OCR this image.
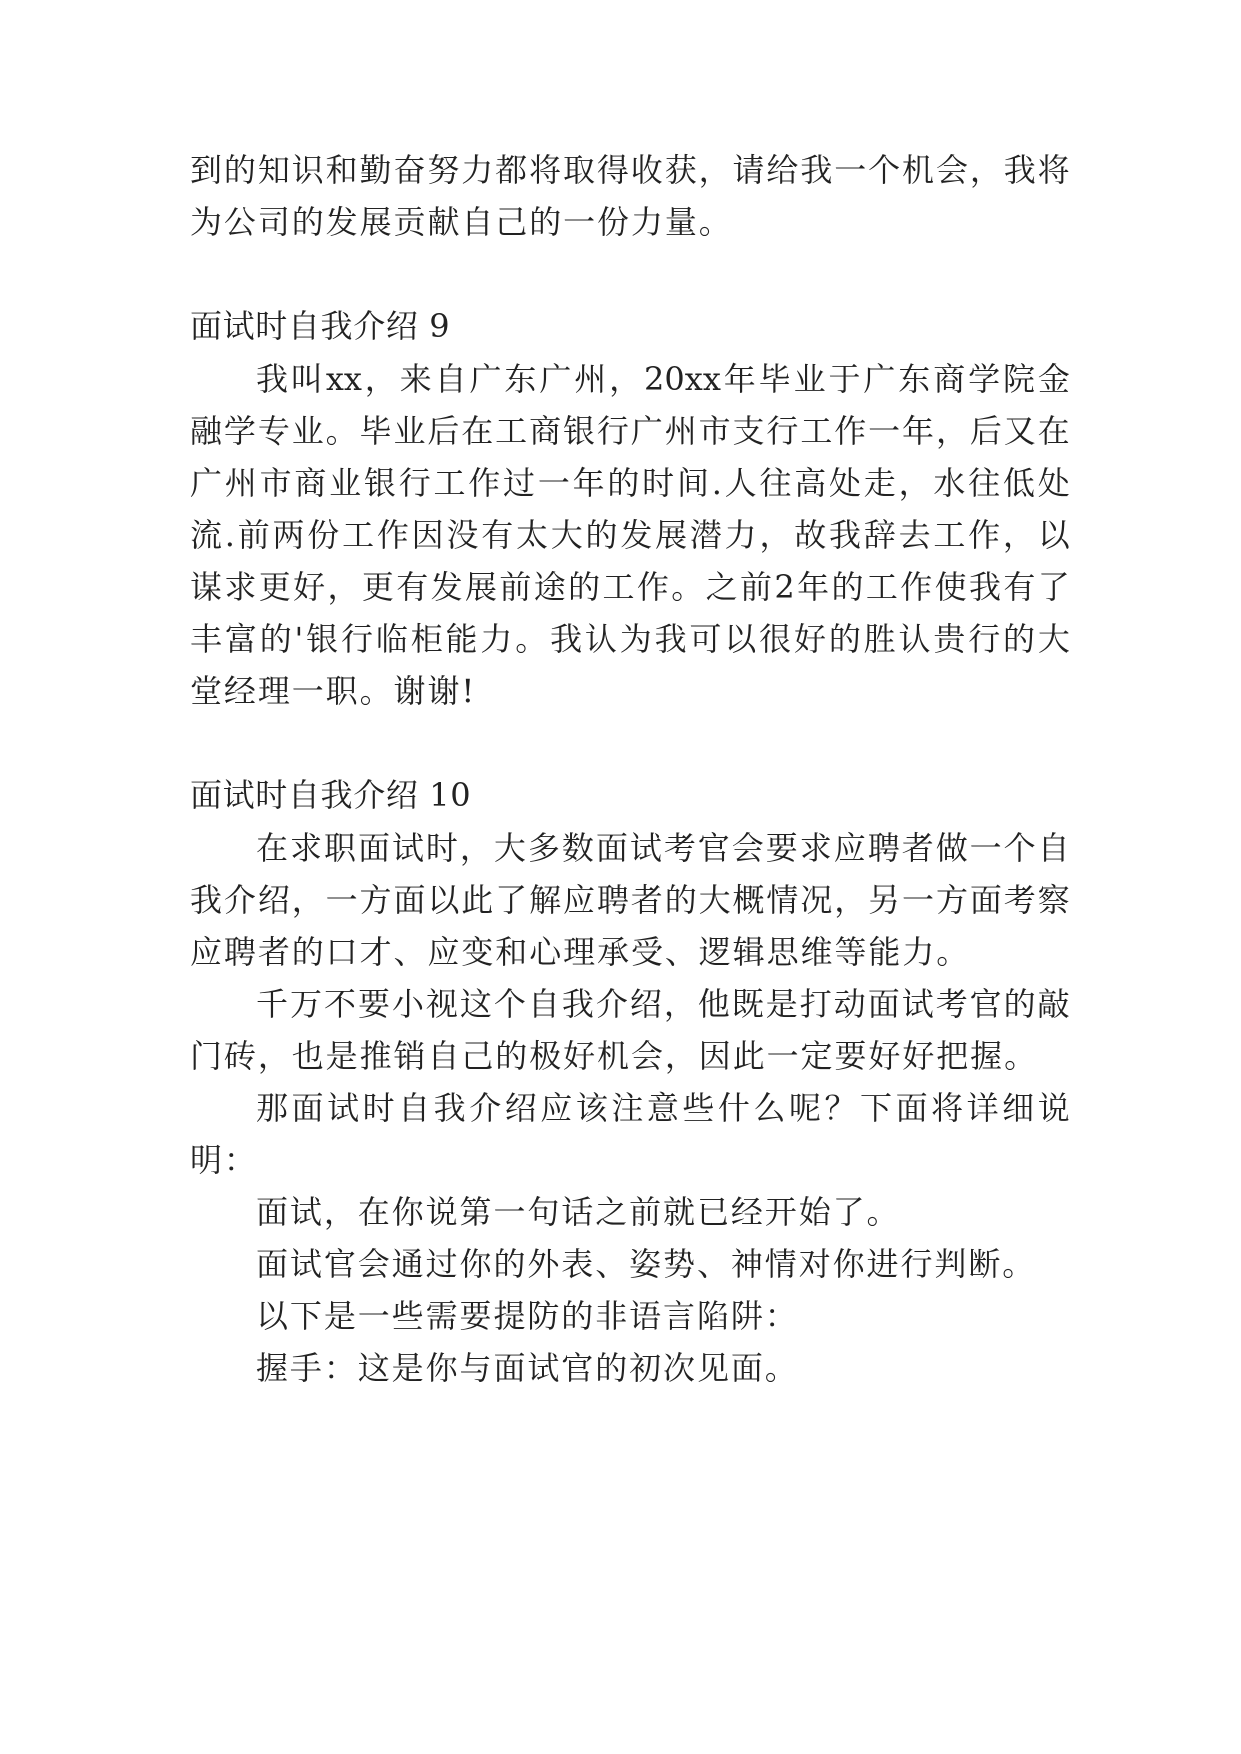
到 的 知 识 和 勤 奋 努 力 都 将 取 得 收 获 ， 请 给 我 一 个 机 会 ， 我 将
为公司的发展贡献自己的一份力量。
面试时自我介绍 9
我 叫 xx ， 来 自 广 东 广 州 ， 20xx 年 毕 业 于 广 东 商 学 院 金
融 学 专 业 。 毕 业 后 在 工 商 银 行 广 州 市 支 行 工 作 一 年 ， 后 又 在
广 州 市 商 业 银 行 工 作 过 一 年 的 时 间 . 人 往 高 处 走 ， 水 往 低 处
流 . 前 两 份 工 作 因 没 有 太 大 的 发 展 潜 力 ， 故 我 辞 去 工 作 ， 以
谋 求 更 好 ， 更 有 发 展 前 途 的 工 作 。 之 前 2 年 的 工 作 使 我 有 了
丰 富 的 ' 银 行 临 柜 能 力 。 我 认 为 我 可 以 很 好 的 胜 认 贵 行 的 大
堂经理一职。谢谢!
面试时自我介绍 10
在 求 职 面 试 时 ， 大 多 数 面 试 考 官 会 要 求 应 聘 者 做 一 个 自
我 介 绍 ， 一 方 面 以 此 了 解 应 聘 者 的 大 概 情 况 ， 另 一 方 面 考 察
应聘者的口才、应变和心理承受、逻辑思维等能力。
千 万 不 要 小 视 这 个 自 我 介 绍 ， 他 既 是 打 动 面 试 考 官 的 敲
门砖，也是推销自己的极好机会，因此一定要好好把握。
那 面 试 时 自 我 介 绍 应 该 注 意 些 什 么 呢 ？ 下 面 将 详 细 说
明：
面试，在你说第一句话之前就已经开始了。
面试官会通过你的外表、姿势、神情对你进行判断。
以下是一些需要提防的非语言陷阱：
握手：这是你与面试官的初次见面。
